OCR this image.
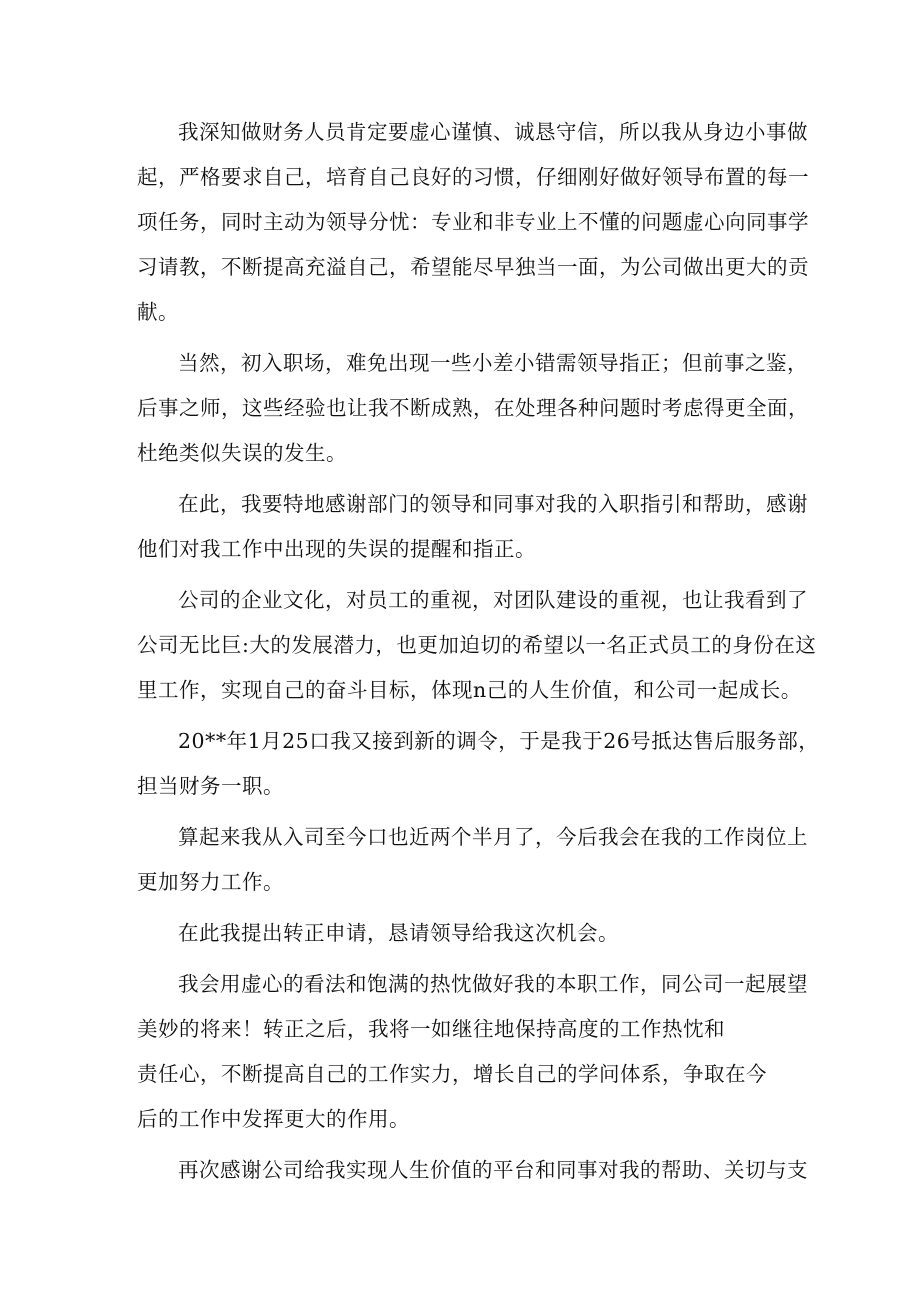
我深知做财务人员肯定要虚心谨慎、诚恳守信，所以我从身边小事做
起，严格要求自己，培育自己良好的习惯，仔细刚好做好领导布置的每一
项任务，同时主动为领导分忧：专业和非专业上不懂的问题虚心向同事学
习请教，不断提高充溢自己，希望能尽早独当一面，为公司做出更大的贡
献。

当然，初入职场，难免出现一些小差小错需领导指正；但前事之鉴，
后事之师，这些经验也让我不断成熟，在处理各种问题时考虑得更全面，
杜绝类似失误的发生。

在此，我要特地感谢部门的领导和同事对我的入职指引和帮助，感谢
他们对我工作中出现的失误的提醒和指正。

公司的企业文化，对员工的重视，对团队建设的重视，也让我看到了
公司无比巨:大的发展潜力，也更加迫切的希望以一名正式员工的身份在这
里工作，实现自己的奋斗目标，体现n己的人生价值，和公司一起成长。

20**年1月25口我又接到新的调令，于是我于26号抵达售后服务部，
担当财务一职。

算起来我从入司至今口也近两个半月了，今后我会在我的工作岗位上
更加努力工作。

在此我提出转正申请，恳请领导给我这次机会。

我会用虚心的看法和饱满的热忱做好我的本职工作，同公司一起展望
美妙的将来！转正之后，我将一如继往地保持高度的工作热忱和
责任心，不断提高自己的工作实力，增长自己的学问体系，争取在今
后的工作中发挥更大的作用。

再次感谢公司给我实现人生价值的平台和同事对我的帮助、关切与支
